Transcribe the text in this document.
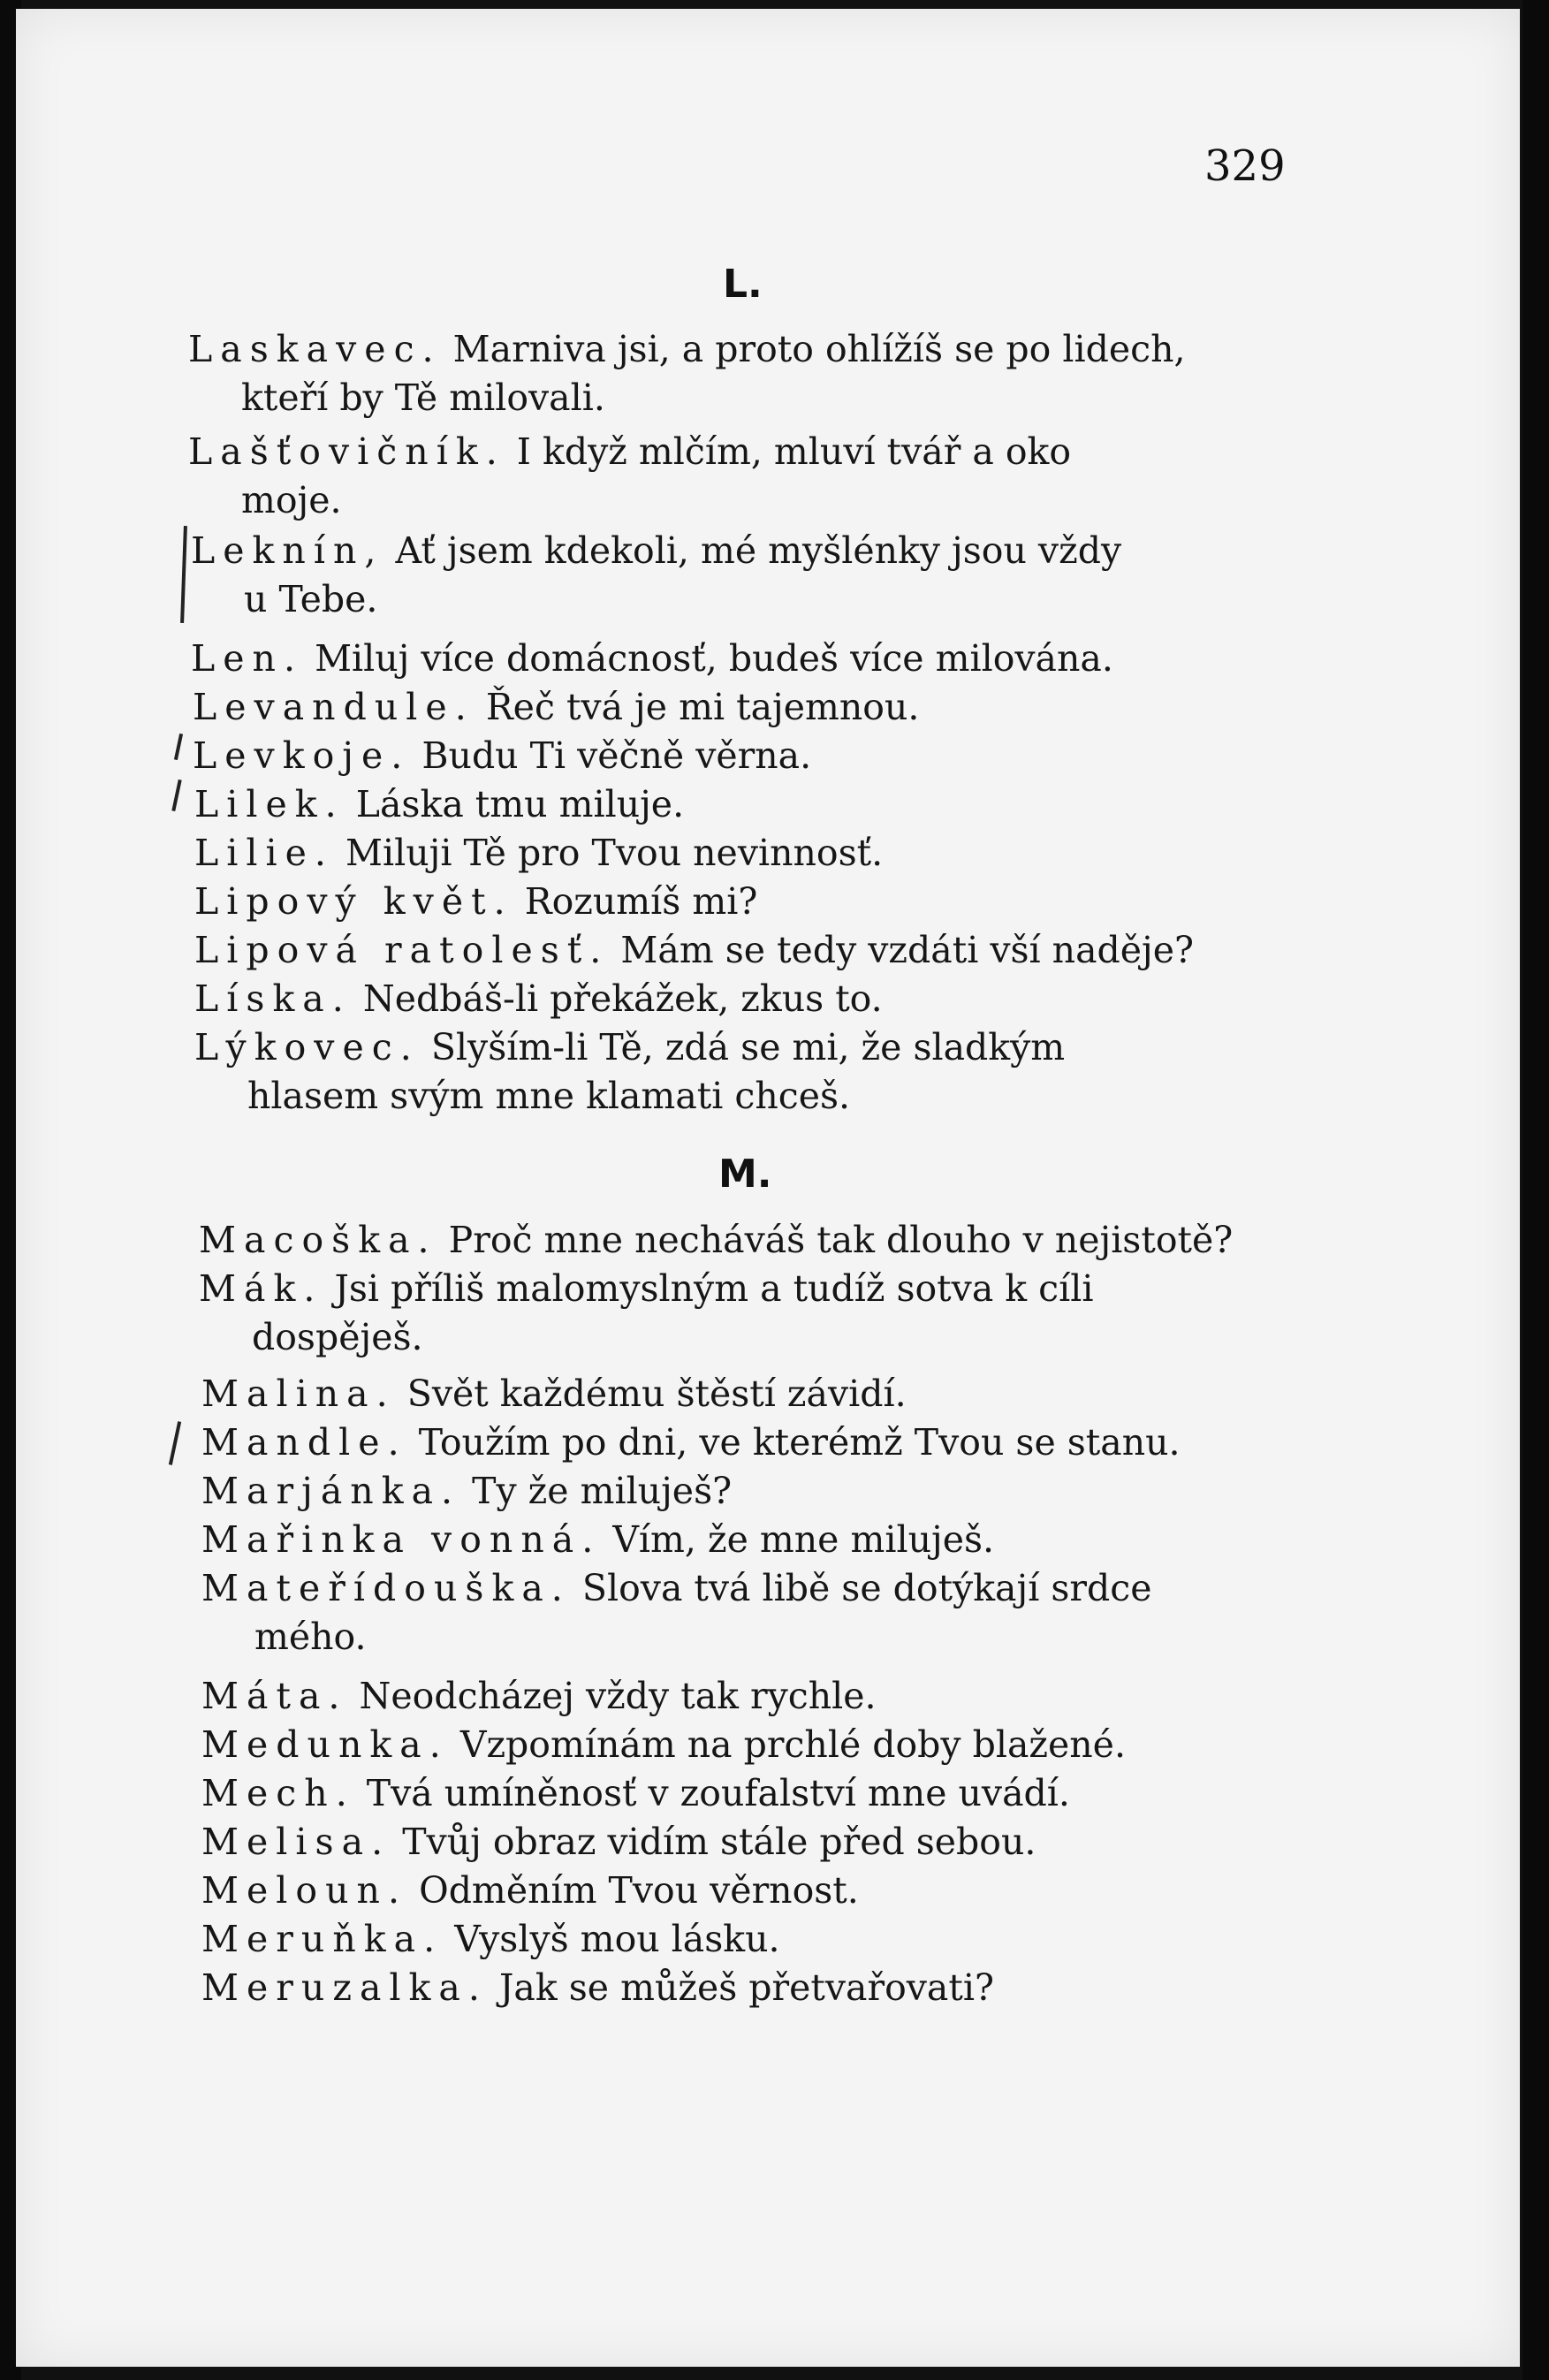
329
L.
Laskavec. Marniva jsi, a proto ohlížíš se po lidech,
kteří by Tě milovali.
Lašťovičník. I když mlčím, mluví tvář a oko
moje.
Leknín, Ať jsem kdekoli, mé myšlénky jsou vždy
u Tebe.
Len. Miluj více domácnosť, budeš více milována.
Levandule. Řeč tvá je mi tajemnou.
Levkoje. Budu Ti věčně věrna.
Lilek. Láska tmu miluje.
Lilie. Miluji Tě pro Tvou nevinnosť.
Lipový květ. Rozumíš mi?
Lipová ratolesť. Mám se tedy vzdáti vší naděje?
Líska. Nedbáš-li překážek, zkus to.
Lýkovec. Slyším-li Tě, zdá se mi, že sladkým
hlasem svým mne klamati chceš.
M.
Macoška. Proč mne necháváš tak dlouho v nejistotě?
Mák. Jsi příliš malomyslným a tudíž sotva k cíli
dospěješ.
Malina. Svět každému štěstí závidí.
Mandle. Toužím po dni, ve kterémž Tvou se stanu.
Marjánka. Ty že miluješ?
Mařinka vonná. Vím, že mne miluješ.
Mateřídouška. Slova tvá libě se dotýkají srdce
mého.
Máta. Neodcházej vždy tak rychle.
Medunka. Vzpomínám na prchlé doby blažené.
Mech. Tvá umíněnosť v zoufalství mne uvádí.
Melisa. Tvůj obraz vidím stále před sebou.
Meloun. Odměním Tvou věrnost.
Meruňka. Vyslyš mou lásku.
Meruzalka. Jak se můžeš přetvařovati?
